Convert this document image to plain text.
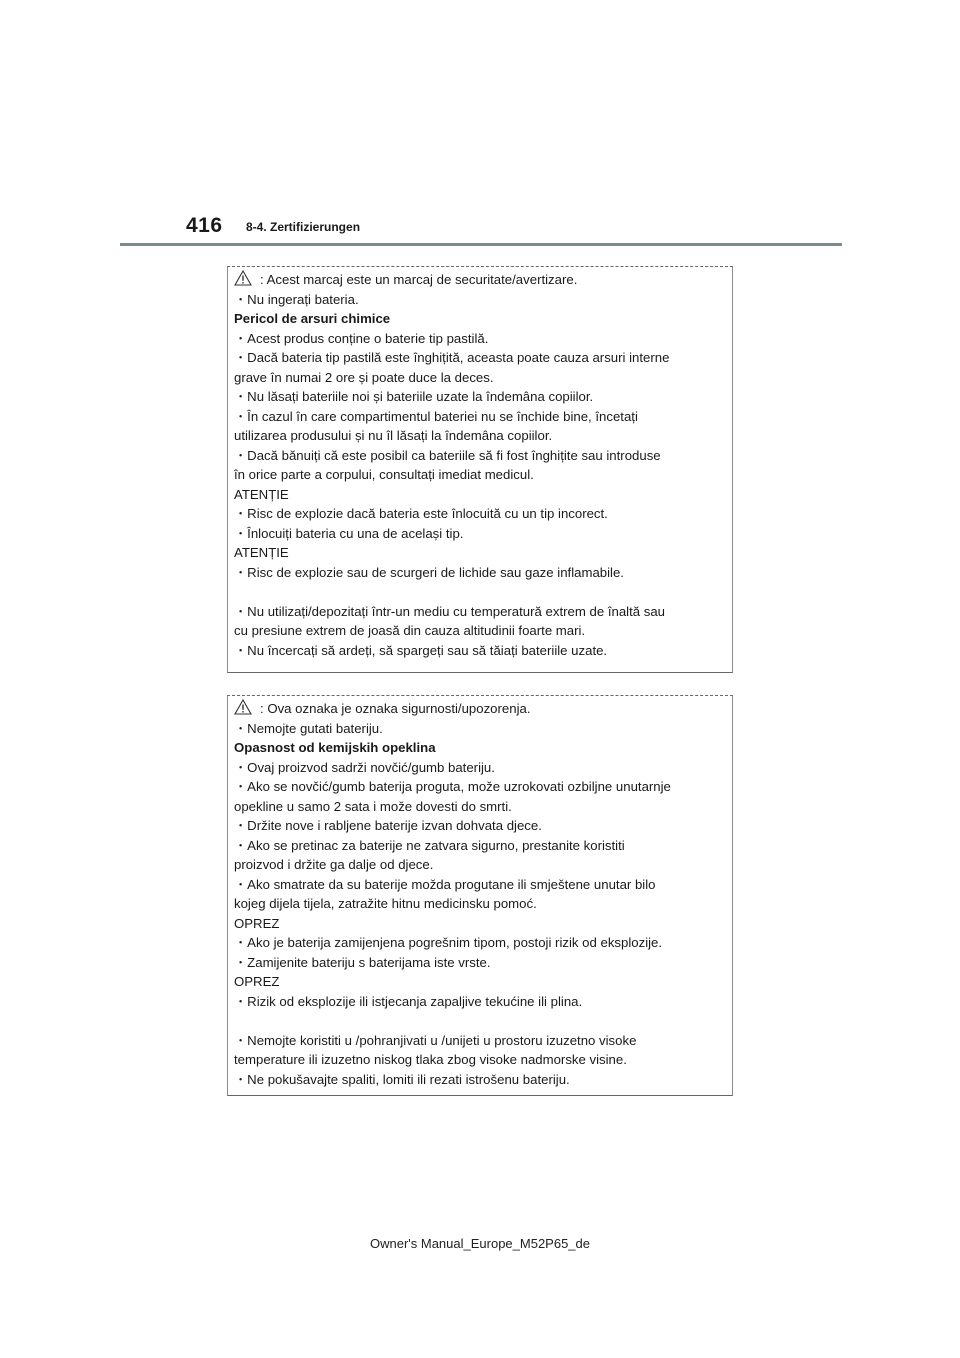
416 8-4. Zertifizierungen
: Acest marcaj este un marcaj de securitate/avertizare.
・Nu ingerați bateria.
Pericol de arsuri chimice
・Acest produs conține o baterie tip pastilă.
・Dacă bateria tip pastilă este înghițită, aceasta poate cauza arsuri interne
grave în numai 2 ore și poate duce la deces.
・Nu lăsați bateriile noi și bateriile uzate la îndemâna copiilor.
・În cazul în care compartimentul bateriei nu se închide bine, încetați
utilizarea produsului și nu îl lăsați la îndemâna copiilor.
・Dacă bănuiți că este posibil ca bateriile să fi fost înghițite sau introduse
în orice parte a corpului, consultați imediat medicul.
ATENȚIE
・Risc de explozie dacă bateria este înlocuită cu un tip incorect.
・Înlocuiți bateria cu una de același tip.
ATENȚIE
・Risc de explozie sau de scurgeri de lichide sau gaze inflamabile.
・Nu utilizați/depozitați într-un mediu cu temperatură extrem de înaltă sau
cu presiune extrem de joasă din cauza altitudinii foarte mari.
・Nu încercați să ardeți, să spargeți sau să tăiați bateriile uzate.
: Ova oznaka je oznaka sigurnosti/upozorenja.
・Nemojte gutati bateriju.
Opasnost od kemijskih opeklina
・Ovaj proizvod sadrži novčić/gumb bateriju.
・Ako se novčić/gumb baterija proguta, može uzrokovati ozbiljne unutarnje
opekline u samo 2 sata i može dovesti do smrti.
・Držite nove i rabljene baterije izvan dohvata djece.
・Ako se pretinac za baterije ne zatvara sigurno, prestanite koristiti
proizvod i držite ga dalje od djece.
・Ako smatrate da su baterije možda progutane ili smještene unutar bilo
kojeg dijela tijela, zatražite hitnu medicinsku pomoć.
OPREZ
・Ako je baterija zamijenjena pogrešnim tipom, postoji rizik od eksplozije.
・Zamijenite bateriju s baterijama iste vrste.
OPREZ
・Rizik od eksplozije ili istjecanja zapaljive tekućine ili plina.
・Nemojte koristiti u /pohranjivati u /unijeti u prostoru izuzetno visoke
temperature ili izuzetno niskog tlaka zbog visoke nadmorske visine.
・Ne pokušavajte spaliti, lomiti ili rezati istrošenu bateriju.
Owner's Manual_Europe_M52P65_de
